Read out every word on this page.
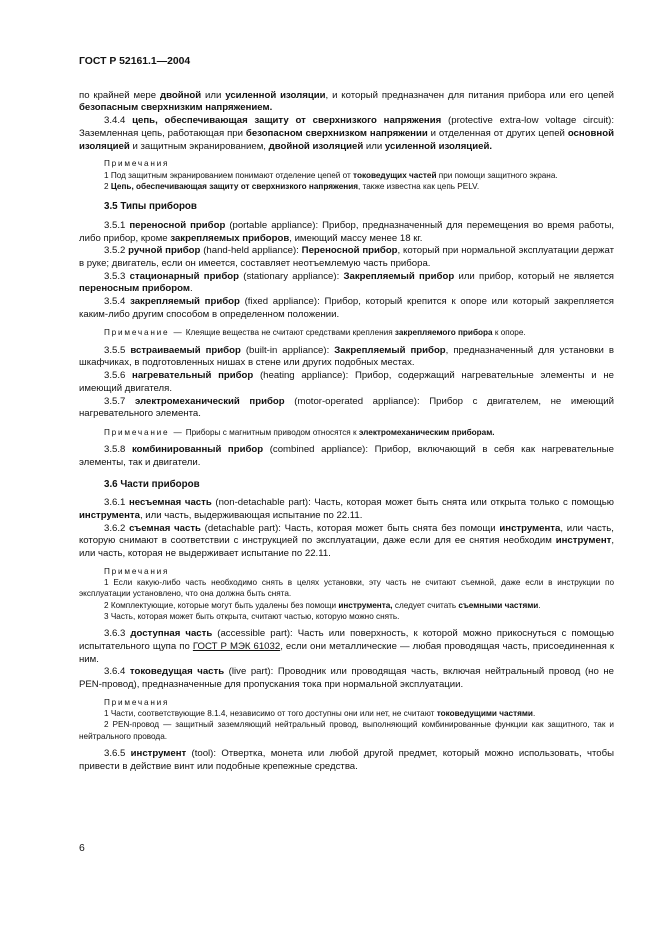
ГОСТ Р 52161.1—2004

по крайней мере двойной или усиленной изоляции, и который предназначен для питания прибора или его цепей безопасным сверхнизким напряжением.

3.4.4 цепь, обеспечивающая защиту от сверхнизкого напряжения (protective extra-low voltage circuit): Заземленная цепь, работающая при безопасном сверхнизком напряжении и отделенная от других цепей основной изоляцией и защитным экранированием, двойной изоляцией или усиленной изоляцией.

Примечания

1 Под защитным экранированием понимают отделение цепей от токоведущих частей при помощи защитного экрана.

2 Цепь, обеспечивающая защиту от сверхнизкого напряжения, также известна как цепь PELV.

3.5 Типы приборов

3.5.1 переносной прибор (portable appliance): Прибор, предназначенный для перемещения во время работы, либо прибор, кроме закрепляемых приборов, имеющий массу менее 18 кг.

3.5.2 ручной прибор (hand-held appliance): Переносной прибор, который при нормальной эксплуатации держат в руке; двигатель, если он имеется, составляет неотъемлемую часть прибора.

3.5.3 стационарный прибор (stationary appliance): Закрепляемый прибор или прибор, который не является переносным прибором.

3.5.4 закрепляемый прибор (fixed appliance): Прибор, который крепится к опоре или который закрепляется каким-либо другим способом в определенном положении.

Примечание — Клеящие вещества не считают средствами крепления закрепляемого прибора к опоре.

3.5.5 встраиваемый прибор (built-in appliance): Закрепляемый прибор, предназначенный для установки в шкафчиках, в подготовленных нишах в стене или других подобных местах.

3.5.6 нагревательный прибор (heating appliance): Прибор, содержащий нагревательные элементы и не имеющий двигателя.

3.5.7 электромеханический прибор (motor-operated appliance): Прибор с двигателем, не имеющий нагревательного элемента.

Примечание — Приборы с магнитным приводом относятся к электромеханическим приборам.

3.5.8 комбинированный прибор (combined appliance): Прибор, включающий в себя как нагревательные элементы, так и двигатели.

3.6 Части приборов

3.6.1 несъемная часть (non-detachable part): Часть, которая может быть снята или открыта только с помощью инструмента, или часть, выдерживающая испытание по 22.11.

3.6.2 съемная часть (detachable part): Часть, которая может быть снята без помощи инструмента, или часть, которую снимают в соответствии с инструкцией по эксплуатации, даже если для ее снятия необходим инструмент, или часть, которая не выдерживает испытание по 22.11.

Примечания

1 Если какую-либо часть необходимо снять в целях установки, эту часть не считают съемной, даже если в инструкции по эксплуатации установлено, что она должна быть снята.

2 Комплектующие, которые могут быть удалены без помощи инструмента, следует считать съемными частями.

3 Часть, которая может быть открыта, считают частью, которую можно снять.

3.6.3 доступная часть (accessible part): Часть или поверхность, к которой можно прикоснуться с помощью испытательного щупа по ГОСТ Р МЭК 61032, если они металлические — любая проводящая часть, присоединенная к ним.

3.6.4 токоведущая часть (live part): Проводник или проводящая часть, включая нейтральный провод (но не PEN-провод), предназначенные для пропускания тока при нормальной эксплуатации.

Примечания

1 Части, соответствующие 8.1.4, независимо от того доступны они или нет, не считают токоведущими частями.

2 PEN-провод — защитный заземляющий нейтральный провод, выполняющий комбинированные функции как защитного, так и нейтрального провода.

3.6.5 инструмент (tool): Отвертка, монета или любой другой предмет, который можно использовать, чтобы привести в действие винт или подобные крепежные средства.

6
